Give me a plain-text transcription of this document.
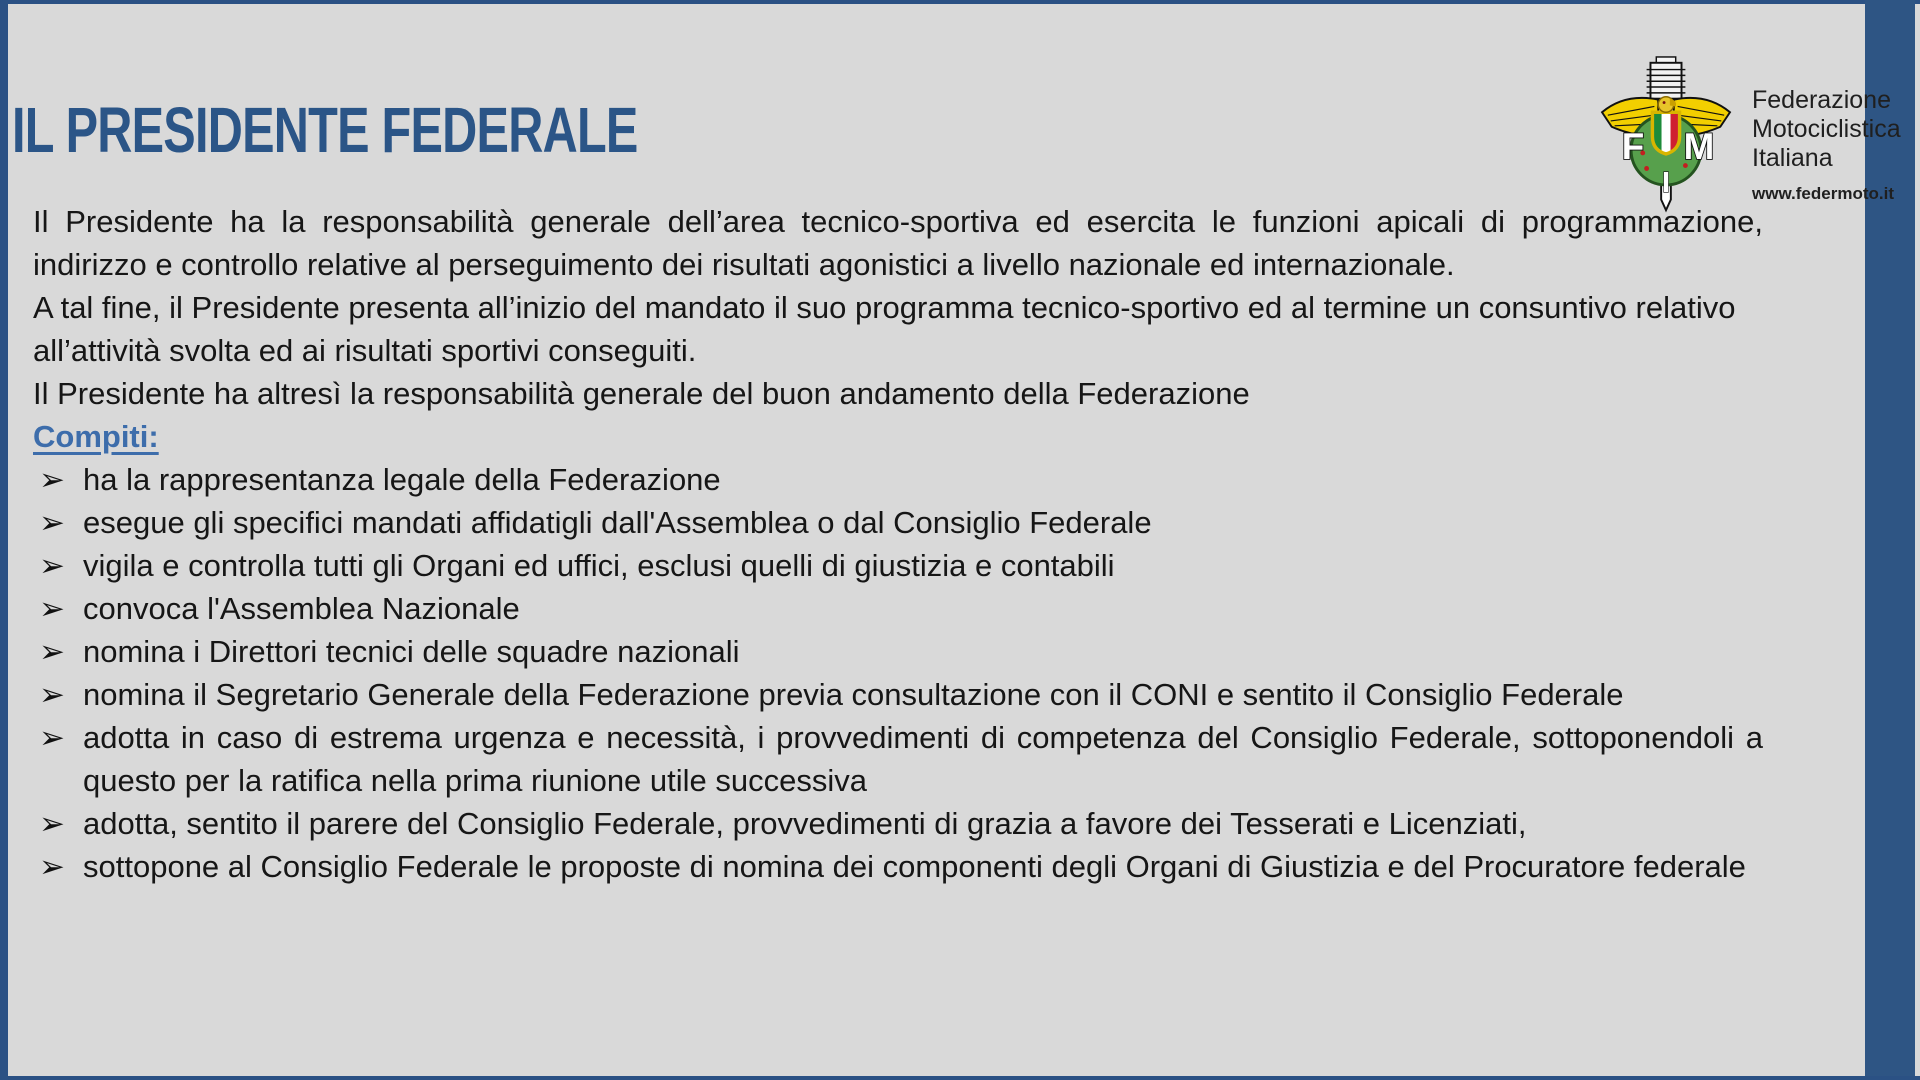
IL PRESIDENTE FEDERALE	F M
I
Federazione
Motociclistica
Italiana
www.federmoto.it

Il Presidente ha la responsabilità generale dell’area tecnico-sportiva ed esercita le funzioni apicali di programmazione, indirizzo e controllo relative al perseguimento dei risultati agonistici a livello nazionale ed internazionale.

A tal fine, il Presidente presenta all’inizio del mandato il suo programma tecnico-sportivo ed al termine un consuntivo relativo all’attività svolta ed ai risultati sportivi conseguiti.

Il Presidente ha altresì la responsabilità generale del buon andamento della Federazione

Compiti:

➢ ha la rappresentanza legale della Federazione
➢ esegue gli specifici mandati affidatigli dall'Assemblea o dal Consiglio Federale
➢ vigila e controlla tutti gli Organi ed uffici, esclusi quelli di giustizia e contabili
➢ convoca l'Assemblea Nazionale
➢ nomina i Direttori tecnici delle squadre nazionali
➢ nomina il Segretario Generale della Federazione previa consultazione con il CONI e sentito il Consiglio Federale
➢ adotta in caso di estrema urgenza e necessità, i provvedimenti di competenza del Consiglio Federale, sottoponendoli a questo per la ratifica nella prima riunione utile successiva
➢ adotta, sentito il parere del Consiglio Federale, provvedimenti di grazia a favore dei Tesserati e Licenziati,
➢ sottopone al Consiglio Federale le proposte di nomina dei componenti degli Organi di Giustizia e del Procuratore federale
